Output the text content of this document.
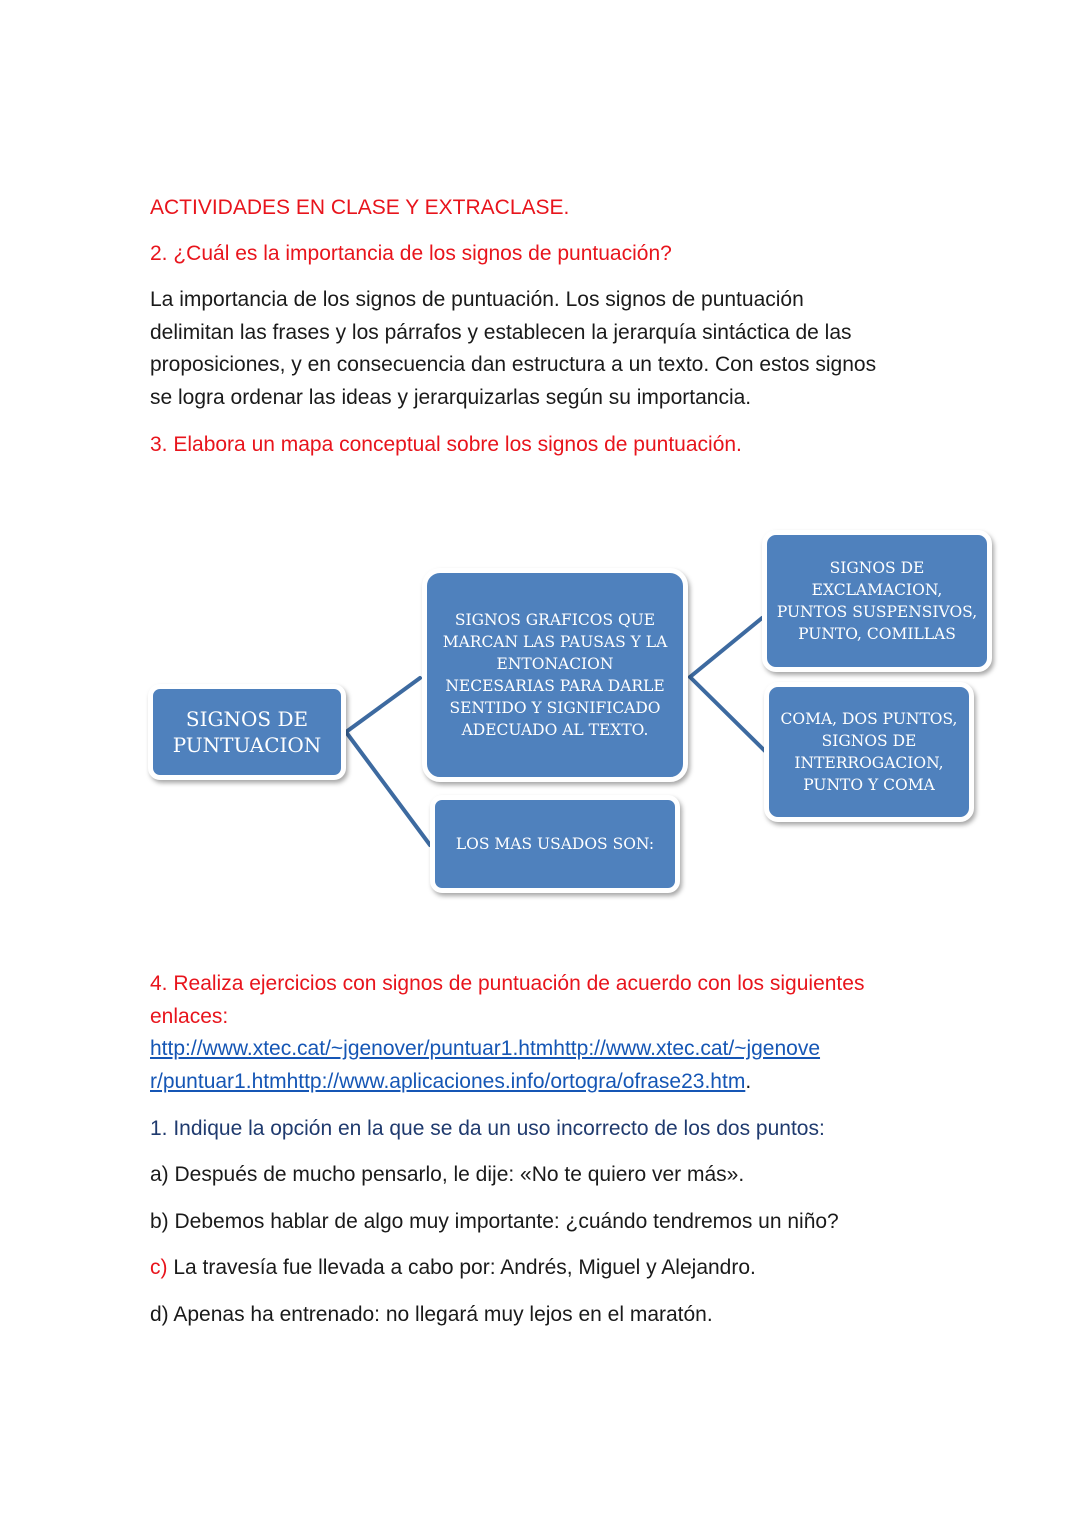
ACTIVIDADES EN CLASE Y EXTRACLASE.
2. ¿Cuál es la importancia de los signos de puntuación?
La importancia de los signos de puntuación. Los signos de puntuación
delimitan las frases y los párrafos y establecen la jerarquía sintáctica de las
proposiciones, y en consecuencia dan estructura a un texto. Con estos signos
se logra ordenar las ideas y jerarquizarlas según su importancia.
3. Elabora un mapa conceptual sobre los signos de puntuación.
SIGNOS DE
PUNTUACION
SIGNOS GRAFICOS QUE
MARCAN LAS PAUSAS Y LA
ENTONACION
NECESARIAS PARA DARLE
SENTIDO Y SIGNIFICADO
ADECUADO AL TEXTO.
LOS MAS USADOS SON:
SIGNOS DE
EXCLAMACION,
PUNTOS SUSPENSIVOS,
PUNTO, COMILLAS
COMA, DOS PUNTOS,
SIGNOS DE
INTERROGACION,
PUNTO Y COMA
4. Realiza ejercicios con signos de puntuación de acuerdo con los siguientes
enlaces:
http://www.xtec.cat/~jgenover/puntuar1.htmhttp://www.xtec.cat/~jgenove
r/puntuar1.htmhttp://www.aplicaciones.info/ortogra/ofrase23.htm.
1. Indique la opción en la que se da un uso incorrecto de los dos puntos:
a) Después de mucho pensarlo, le dije: «No te quiero ver más».
b) Debemos hablar de algo muy importante: ¿cuándo tendremos un niño?
c) La travesía fue llevada a cabo por: Andrés, Miguel y Alejandro.
d) Apenas ha entrenado: no llegará muy lejos en el maratón.
